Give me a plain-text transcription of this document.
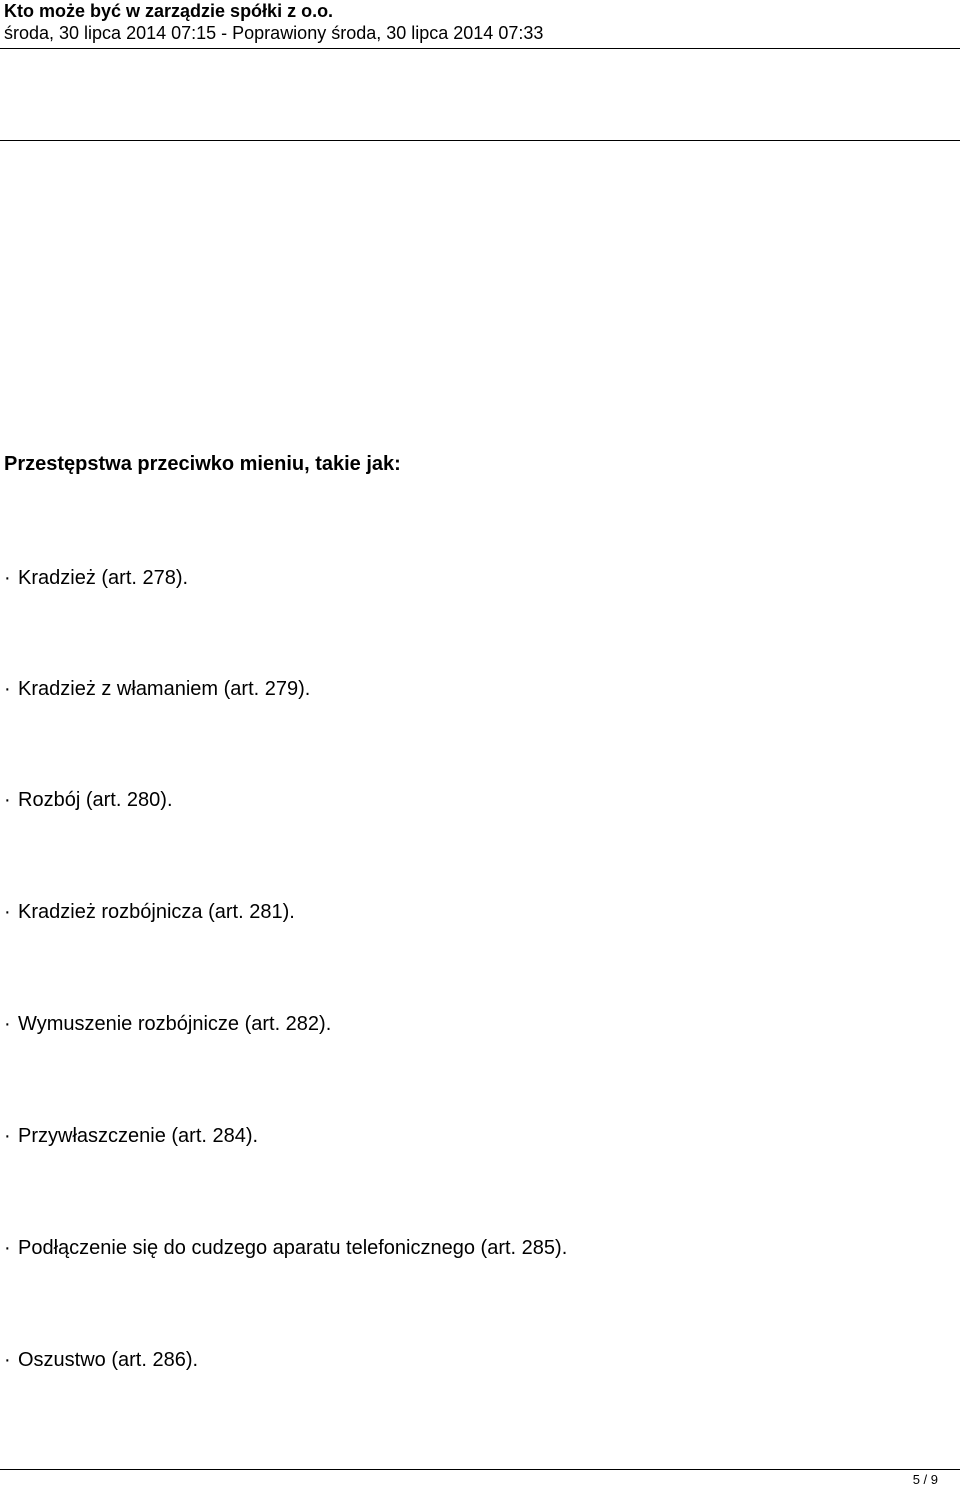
Kto może być w zarządzie spółki z o.o.
środa, 30 lipca 2014 07:15 - Poprawiony środa, 30 lipca 2014 07:33
Przestępstwa przeciwko mieniu, takie jak:
· Kradzież (art. 278).
· Kradzież z włamaniem (art. 279).
· Rozbój (art. 280).
· Kradzież rozbójnicza (art. 281).
· Wymuszenie rozbójnicze (art. 282).
· Przywłaszczenie (art. 284).
· Podłączenie się do cudzego aparatu telefonicznego (art. 285).
· Oszustwo (art. 286).
5 / 9
